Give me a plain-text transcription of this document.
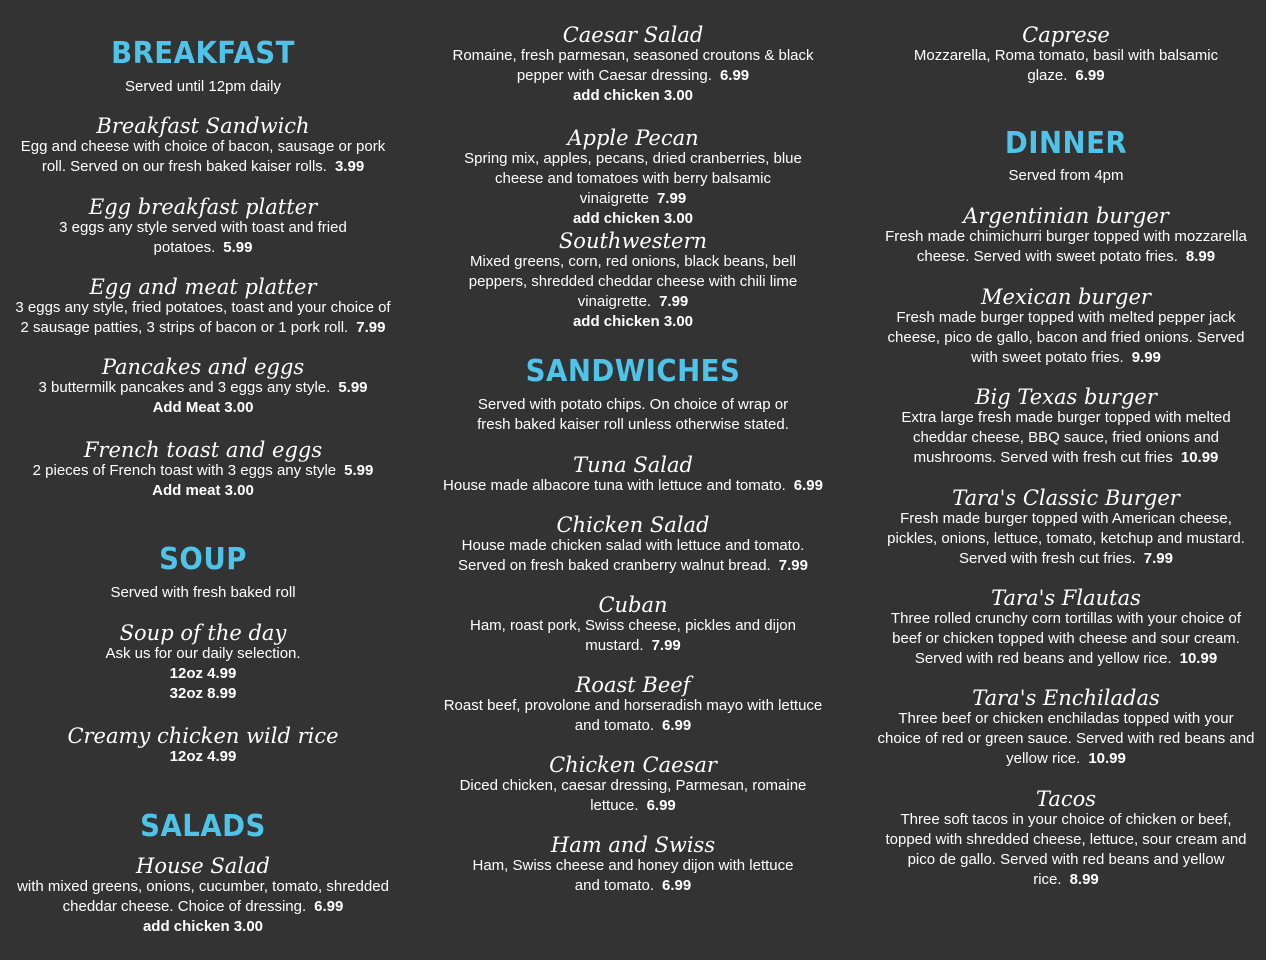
BREAKFAST
Served until 12pm daily
Breakfast Sandwich
Egg and cheese with choice of bacon, sausage or pork roll. Served on our fresh baked kaiser rolls. 3.99
Egg breakfast platter
3 eggs any style served with toast and fried potatoes. 5.99
Egg and meat platter
3 eggs any style, fried potatoes, toast and your choice of 2 sausage patties, 3 strips of bacon or 1 pork roll. 7.99
Pancakes and eggs
3 buttermilk pancakes and 3 eggs any style. 5.99
Add Meat 3.00
French toast and eggs
2 pieces of French toast with 3 eggs any style 5.99
Add meat 3.00
SOUP
Served with fresh baked roll
Soup of the day
Ask us for our daily selection.
12oz 4.99
32oz 8.99
Creamy chicken wild rice
12oz 4.99
SALADS
House Salad
with mixed greens, onions, cucumber, tomato, shredded cheddar cheese. Choice of dressing. 6.99
add chicken 3.00
Caesar Salad
Romaine, fresh parmesan, seasoned croutons & black pepper with Caesar dressing. 6.99
add chicken 3.00
Apple Pecan
Spring mix, apples, pecans, dried cranberries, blue cheese and tomatoes with berry balsamic vinaigrette 7.99
add chicken 3.00
Southwestern
Mixed greens, corn, red onions, black beans, bell peppers, shredded cheddar cheese with chili lime vinaigrette. 7.99
add chicken 3.00
SANDWICHES
Served with potato chips. On choice of wrap or fresh baked kaiser roll unless otherwise stated.
Tuna Salad
House made albacore tuna with lettuce and tomato. 6.99
Chicken Salad
House made chicken salad with lettuce and tomato. Served on fresh baked cranberry walnut bread. 7.99
Cuban
Ham, roast pork, Swiss cheese, pickles and dijon mustard. 7.99
Roast Beef
Roast beef, provolone and horseradish mayo with lettuce and tomato. 6.99
Chicken Caesar
Diced chicken, caesar dressing, Parmesan, romaine lettuce. 6.99
Ham and Swiss
Ham, Swiss cheese and honey dijon with lettuce and tomato. 6.99
Caprese
Mozzarella, Roma tomato, basil with balsamic glaze. 6.99
DINNER
Served from 4pm
Argentinian burger
Fresh made chimichurri burger topped with mozzarella cheese. Served with sweet potato fries. 8.99
Mexican burger
Fresh made burger topped with melted pepper jack cheese, pico de gallo, bacon and fried onions. Served with sweet potato fries. 9.99
Big Texas burger
Extra large fresh made burger topped with melted cheddar cheese, BBQ sauce, fried onions and mushrooms. Served with fresh cut fries 10.99
Tara's Classic Burger
Fresh made burger topped with American cheese, pickles, onions, lettuce, tomato, ketchup and mustard. Served with fresh cut fries. 7.99
Tara's Flautas
Three rolled crunchy corn tortillas with your choice of beef or chicken topped with cheese and sour cream. Served with red beans and yellow rice. 10.99
Tara's Enchiladas
Three beef or chicken enchiladas topped with your choice of red or green sauce. Served with red beans and yellow rice. 10.99
Tacos
Three soft tacos in your choice of chicken or beef, topped with shredded cheese, lettuce, sour cream and pico de gallo. Served with red beans and yellow rice. 8.99
